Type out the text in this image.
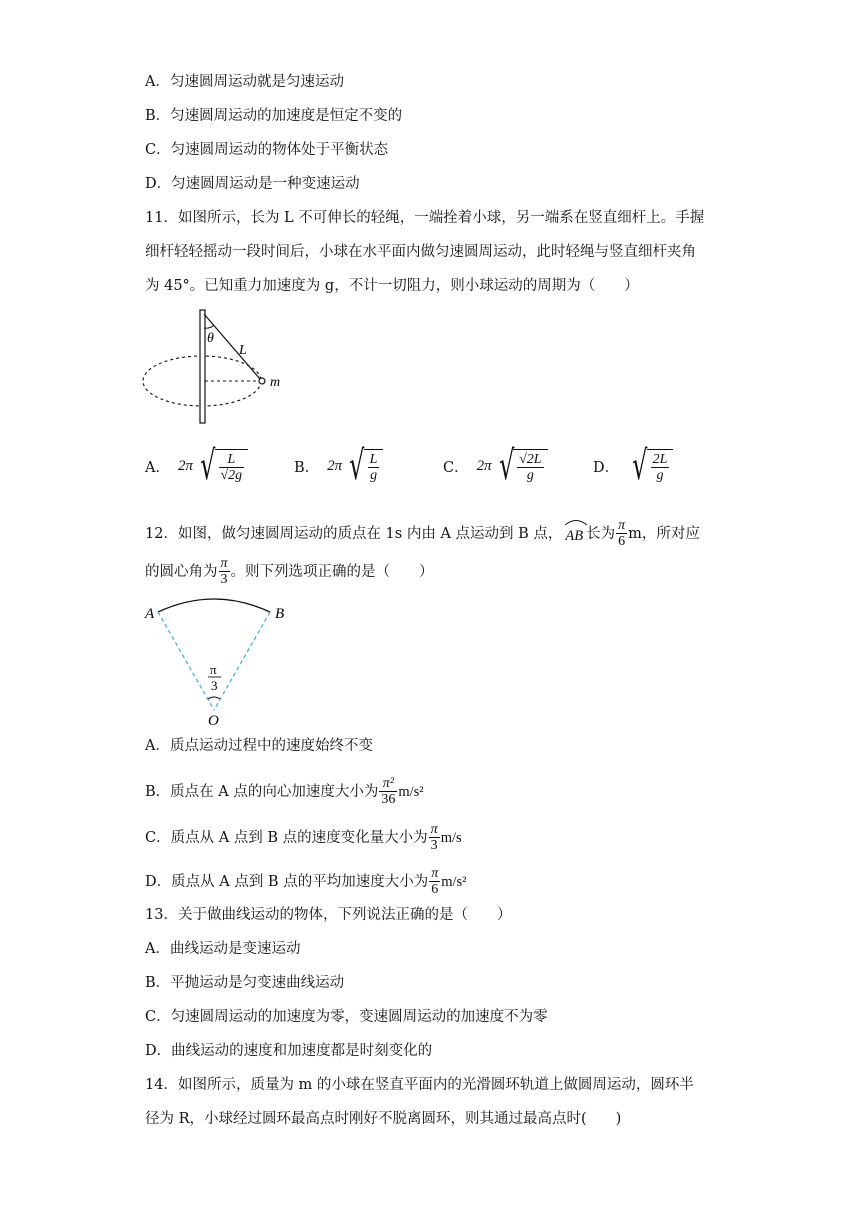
A．匀速圆周运动就是匀速运动
B．匀速圆周运动的加速度是恒定不变的
C．匀速圆周运动的物体处于平衡状态
D．匀速圆周运动是一种变速运动
11．如图所示，长为 L 不可伸长的轻绳，一端拴着小球，另一端系在竖直细杆上。手握
细杆轻轻摇动一段时间后，小球在水平面内做匀速圆周运动，此时轻绳与竖直细杆夹角
为 45°。已知重力加速度为 g，不计一切阻力，则小球运动的周期为（　　）
θ
L
m
A． 2π √ $\frac{L}{√2g}$	B． 2π √ $\frac{L}{g}$	C． 2π √ $\frac{√2L}{g}$	D． √ $\frac{2L}{g}$
12．如图，做匀速圆周运动的质点在 1s 内由 A 点运动到 B 点， AB 长为 $\frac{\pi}{6}$ m，所对应
的圆心角为 $\frac{\pi}{3}$ 。则下列选项正确的是（　　）
A	B
O
π
3
A．质点运动过程中的速度始终不变
B．质点在 A 点的向心加速度大小为 $\frac{\text{π²}}{36} m/s^2$
C．质点从 A 点到 B 点的速度变化量大小为 $\frac{\pi}{3} m/s$
D．质点从 A 点到 B 点的平均加速度大小为 $\frac{\pi}{6} m/s^2$
13．关于做曲线运动的物体，下列说法正确的是（　　）
A．曲线运动是变速运动
B．平抛运动是匀变速曲线运动
C．匀速圆周运动的加速度为零，变速圆周运动的加速度不为零
D．曲线运动的速度和加速度都是时刻变化的
14．如图所示，质量为 m 的小球在竖直平面内的光滑圆环轨道上做圆周运动，圆环半
径为 R，小球经过圆环最高点时刚好不脱离圆环，则其通过最高点时(　　)
